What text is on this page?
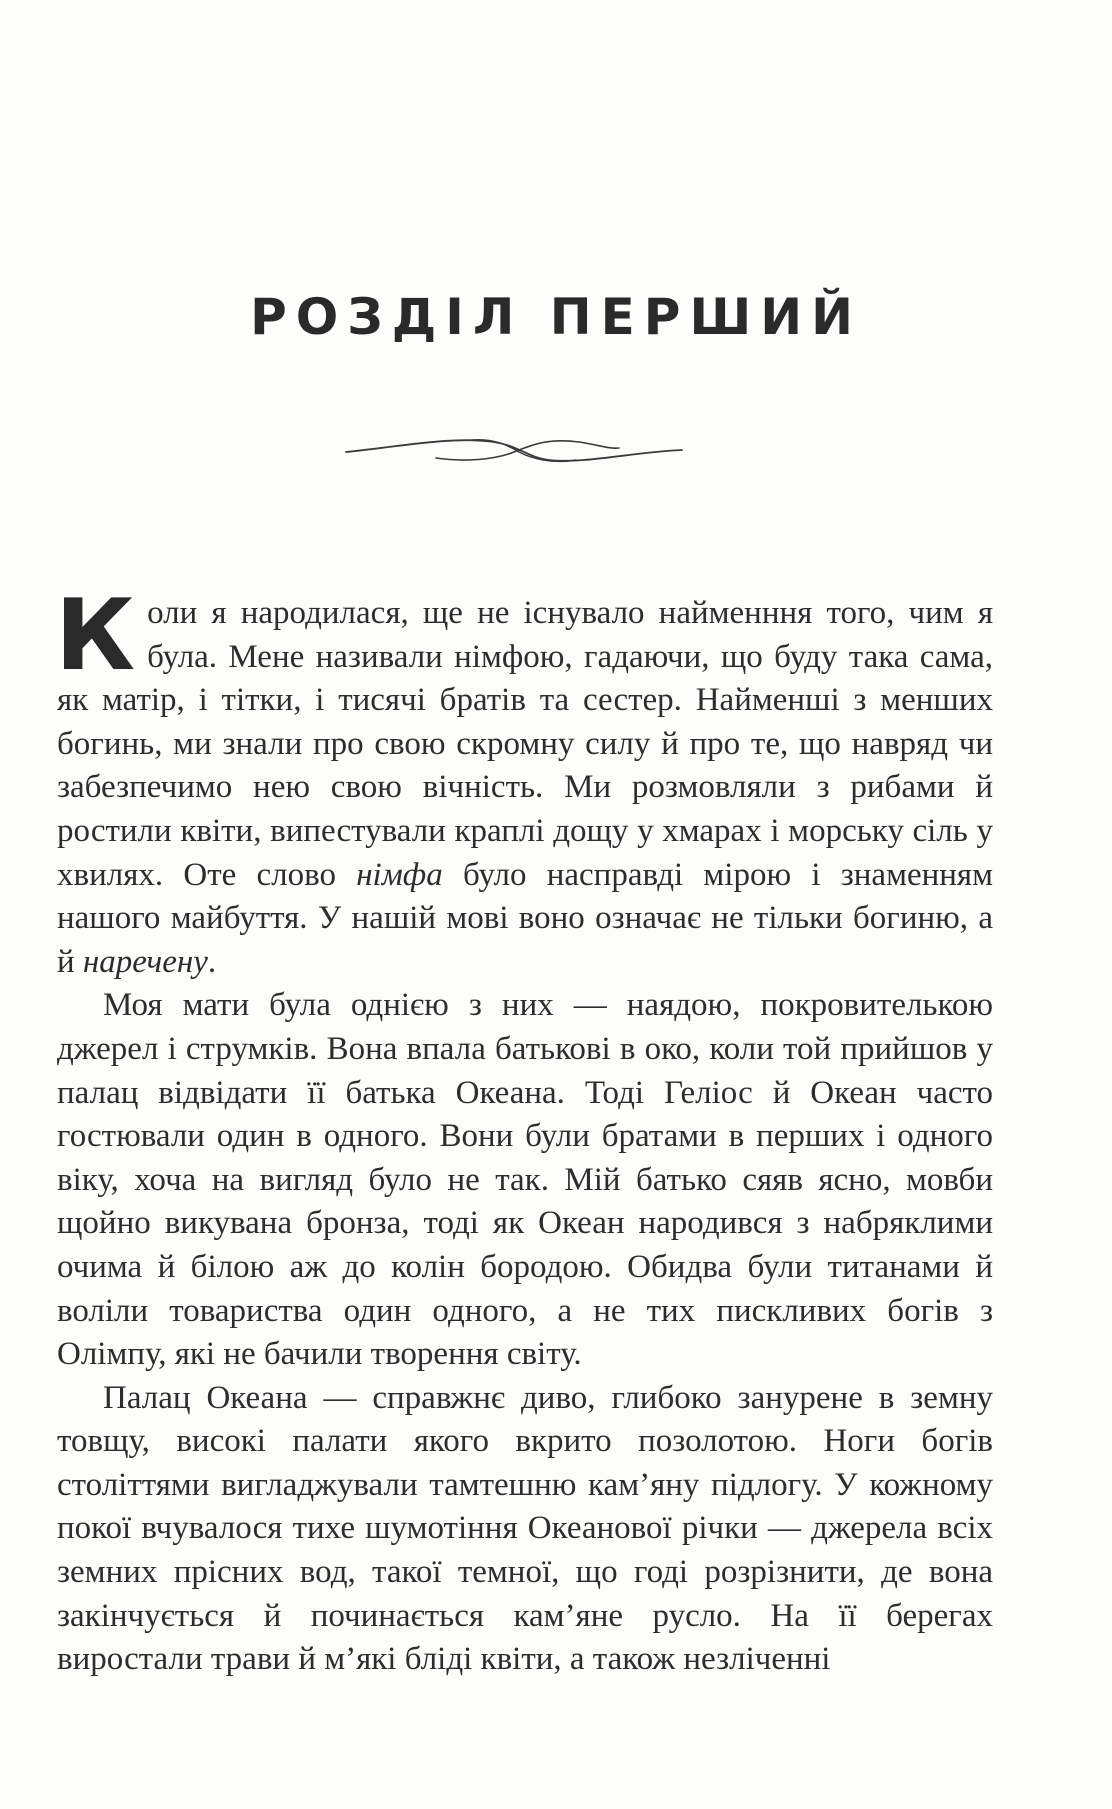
РОЗДІЛ ПЕРШИЙ

Коли я народилася, ще не існувало найменння того, чим я була. Мене називали німфою, гадаючи, що буду така сама, як матір, і тітки, і тисячі братів та сестер. Найменші з менших богинь, ми знали про свою скромну силу й про те, що навряд чи забезпечимо нею свою вічність. Ми розмовляли з рибами й ростили квіти, випестували краплі дощу у хмарах і морську сіль у хвилях. Оте слово німфа було насправді мірою і знаменням нашого майбуття. У нашій мові воно означає не тільки богиню, а й наречену.

Моя мати була однією з них — наядою, покровителькою джерел і струмків. Вона впала батькові в око, коли той прийшов у палац відвідати її батька Океана. Тоді Геліос й Океан часто гостювали один в одного. Вони були братами в перших і одного віку, хоча на вигляд було не так. Мій батько сяяв ясно, мовби щойно викувана бронза, тоді як Океан народився з набряклими очима й білою аж до колін бородою. Обидва були титанами й воліли товариства один одного, а не тих пискливих богів з Олімпу, які не бачили творення світу.

Палац Океана — справжнє диво, глибоко занурене в земну товщу, високі палати якого вкрито позолотою. Ноги богів століттями вигладжували тамтешню кам’яну підлогу. У кожному покої вчувалося тихе шумотіння Океанової річки — джерела всіх земних прісних вод, такої темної, що годі розрізнити, де вона закінчується й починається кам’яне русло. На її берегах виростали трави й м’які бліді квіти, а також незліченні
